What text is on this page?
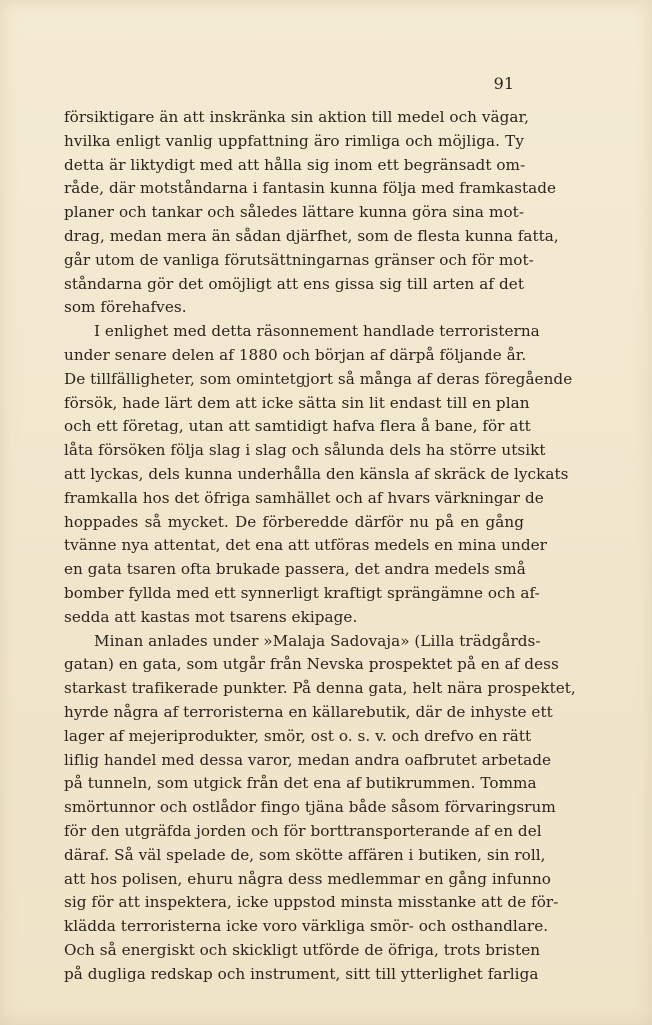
91
försiktigare än att inskränka sin aktion till medel och vägar,
hvilka enligt vanlig uppfattning äro rimliga och möjliga. Ty
detta är liktydigt med att hålla sig inom ett begränsadt om-
råde, där motståndarna i fantasin kunna följa med framkastade
planer och tankar och således lättare kunna göra sina mot-
drag, medan mera än sådan djärfhet, som de flesta kunna fatta,
går utom de vanliga förutsättningarnas gränser och för mot-
ståndarna gör det omöjligt att ens gissa sig till arten af det
som förehafves.
I enlighet med detta räsonnement handlade terroristerna
under senare delen af 1880 och början af därpå följande år.
De tillfälligheter, som omintetgjort så många af deras föregående
försök, hade lärt dem att icke sätta sin lit endast till en plan
och ett företag, utan att samtidigt hafva flera å bane, för att
låta försöken följa slag i slag och sålunda dels ha större utsikt
att lyckas, dels kunna underhålla den känsla af skräck de lyckats
framkalla hos det öfriga samhället och af hvars värkningar de
hoppades så mycket. De förberedde därför nu på en gång
tvänne nya attentat, det ena att utföras medels en mina under
en gata tsaren ofta brukade passera, det andra medels små
bomber fyllda med ett synnerligt kraftigt sprängämne och af-
sedda att kastas mot tsarens ekipage.
Minan anlades under »Malaja Sadovaja» (Lilla trädgårds-
gatan) en gata, som utgår från Nevska prospektet på en af dess
starkast trafikerade punkter. På denna gata, helt nära prospektet,
hyrde några af terroristerna en källarebutik, där de inhyste ett
lager af mejeriprodukter, smör, ost o. s. v. och drefvo en rätt
liflig handel med dessa varor, medan andra oafbrutet arbetade
på tunneln, som utgick från det ena af butikrummen. Tomma
smörtunnor och ostlådor fingo tjäna både såsom förvaringsrum
för den utgräfda jorden och för borttransporterande af en del
däraf. Så väl spelade de, som skötte affären i butiken, sin roll,
att hos polisen, ehuru några dess medlemmar en gång infunno
sig för att inspektera, icke uppstod minsta misstanke att de för-
klädda terroristerna icke voro värkliga smör- och osthandlare.
Och så energiskt och skickligt utförde de öfriga, trots bristen
på dugliga redskap och instrument, sitt till ytterlighet farliga
